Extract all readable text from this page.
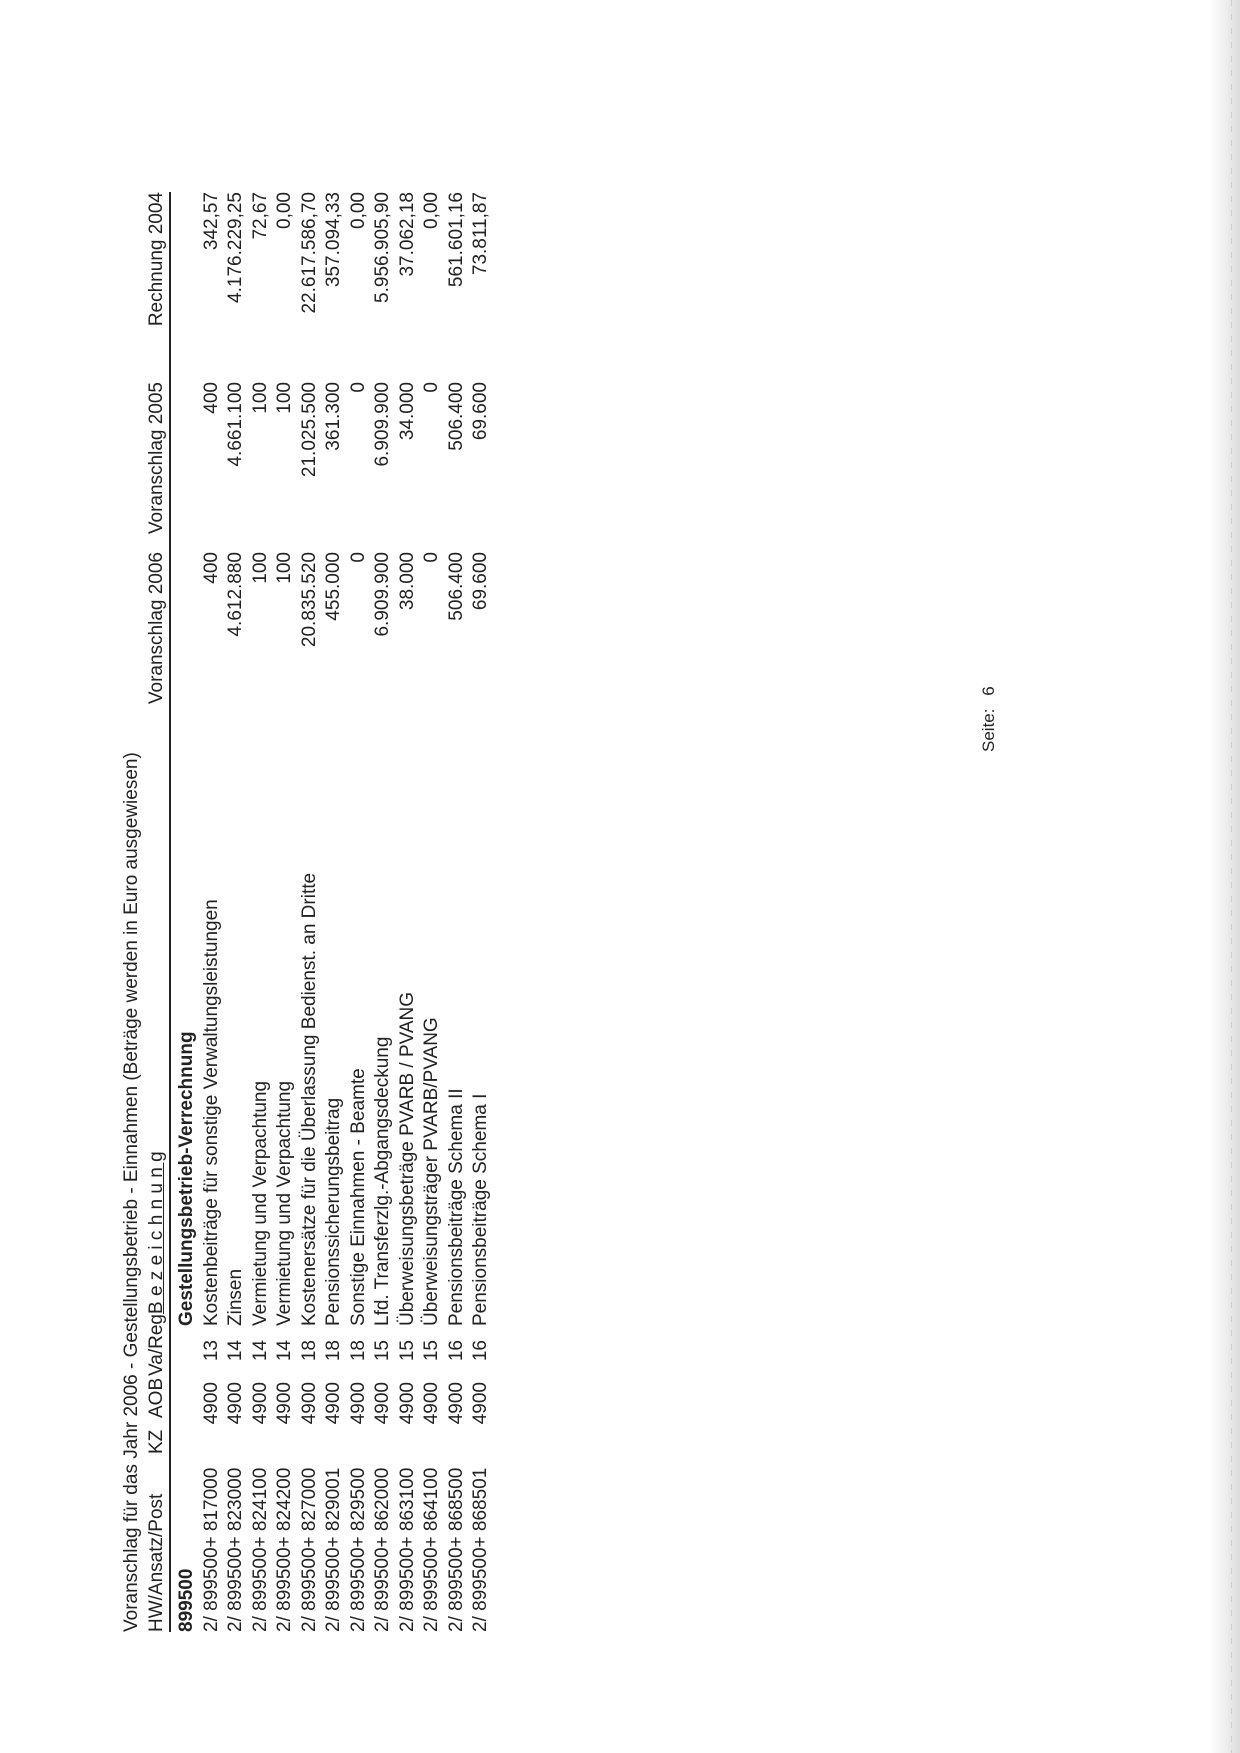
Voranschlag für das Jahr 2006 - Gestellungsbetrieb - Einnahmen (Beträge werden in Euro ausgewiesen) HW/Ansatz/Post
KZ
AOB
Va/Reg
B e z e i c h n u n g
Voranschlag 2006
Voranschlag 2005
Rechnung 2004
899500
Gestellungsbetrieb-Verrechnung
2/ 899500+ 817000
4900
13
Kostenbeiträge für sonstige Verwaltungsleistungen
400
400
342,57
2/ 899500+ 823000
4900
14
Zinsen
4.612.880
4.661.100
4.176.229,25
2/ 899500+ 824100
4900
14
Vermietung und Verpachtung
100
100
72,67
2/ 899500+ 824200
4900
14
Vermietung und Verpachtung
100
100
0,00
2/ 899500+ 827000
4900
18
Kostenersätze für die Überlassung Bedienst. an Dritte
20.835.520
21.025.500
22.617.586,70
2/ 899500+ 829001
4900
18
Pensionssicherungsbeitrag
455.000
361.300
357.094,33
2/ 899500+ 829500
4900
18
Sonstige Einnahmen - Beamte
0
0
0,00
2/ 899500+ 862000
4900
15
Lfd. Transferzlg.-Abgangsdeckung
6.909.900
6.909.900
5.956.905,90
2/ 899500+ 863100
4900
15
Überweisungsbeträge PVARB / PVANG
38.000
34.000
37.062,18
2/ 899500+ 864100
4900
15
Überweisungsträger PVARB/PVANG
0
0
0,00
2/ 899500+ 868500
4900
16
Pensionsbeiträge Schema II
506.400
506.400
561.601,16
2/ 899500+ 868501
4900
16
Pensionsbeiträge Schema I
69.600
69.600
73.811,87
Seite: 6
